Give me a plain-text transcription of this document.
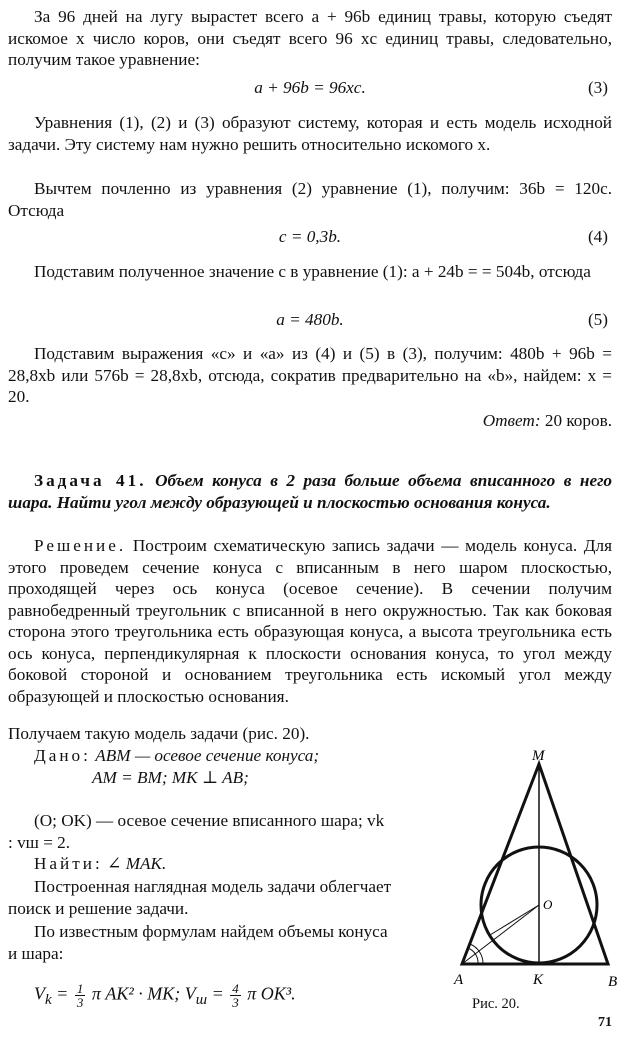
За 96 дней на лугу вырастет всего a + 96b единиц травы, которую съедят искомое x число коров, они съедят всего 96 xc единиц травы, следовательно, получим такое уравнение:

a + 96b = 96xc.	(3)

Уравнения (1), (2) и (3) образуют систему, которая и есть модель исходной задачи. Эту систему нам нужно решить относительно искомого x.

Вычтем почленно из уравнения (2) уравнение (1), получим: 36b = 120c. Отсюда

c = 0,3b.	(4)

Подставим полученное значение c в уравнение (1): a + 24b = = 504b, отсюда

a = 480b.	(5)

Подставим выражения «c» и «a» из (4) и (5) в (3), получим: 480b + 96b = 28,8xb или 576b = 28,8xb, отсюда, сократив предварительно на «b», найдем: x = 20.

Ответ: 20 коров.

Задача 41. Объем конуса в 2 раза больше объема вписанного в него шара. Найти угол между образующей и плоскостью основания конуса.

Решение. Построим схематическую запись задачи — модель конуса. Для этого проведем сечение конуса с вписанным в него шаром плоскостью, проходящей через ось конуса (осевое сечение). В сечении получим равнобедренный треугольник с вписанной в него окружностью. Так как боковая сторона этого треугольника есть образующая конуса, а высота треугольника есть ось конуса, перпендикулярная к плоскости основания конуса, то угол между боковой стороной и основанием треугольника есть искомый угол между образующей и плоскостью основания.

Получаем такую модель задачи (рис. 20).

Дано: ABM — осевое сечение конуса;

AM = BM; MK ⊥ AB;

(O; OK) — осевое сечение вписанного шара; vk : vш = 2.

Найти: ∠ MAK.

Построенная наглядная модель задачи облегчает поиск и решение задачи.

По известным формулам найдем объемы конуса и шара:

$V_k = \frac{1}{3}$ π AK² · MK; $V_ш = \frac{4}{3}$ π OK³.
M
O
A	K	B
Рис. 20.
71
